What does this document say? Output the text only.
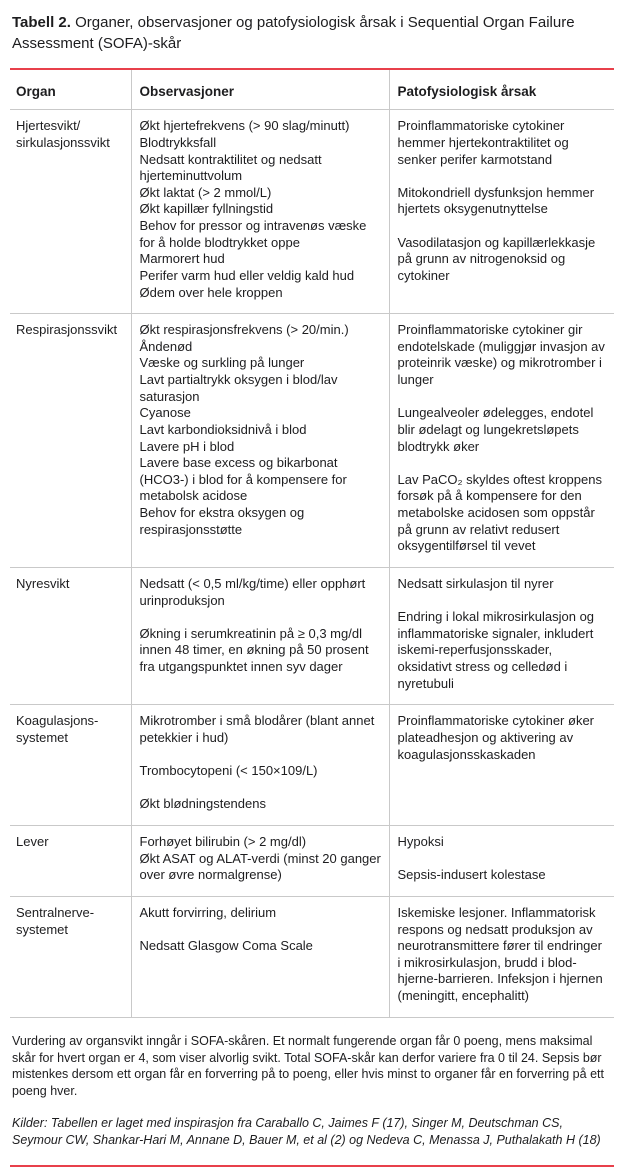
Tabell 2. Organer, observasjoner og patofysiologisk årsak i Sequential Organ Failure Assessment (SOFA)-skår

Organ	Observasjoner	Patofysiologisk årsak
Hjertesvikt/
sirkulasjonssvikt	Økt hjertefrekvens (> 90 slag/minutt)
Blodtrykksfall
Nedsatt kontraktilitet og nedsatt hjerteminuttvolum
Økt laktat (> 2 mmol/L)
Økt kapillær fyllningstid
Behov for pressor og intravenøs væske for å holde blodtrykket oppe
Marmorert hud
Perifer varm hud eller veldig kald hud
Ødem over hele kroppen	Proinflammatoriske cytokiner hemmer hjertekontraktilitet og senker perifer karmotstand

Mitokondriell dysfunksjon hemmer hjertets oksygenutnyttelse

Vasodilatasjon og kapillærlekkasje på grunn av nitrogenoksid og cytokiner
Respirasjonssvikt	Økt respirasjonsfrekvens (> 20/min.)
Åndenød
Væske og surkling på lunger
Lavt partialtrykk oksygen i blod/lav saturasjon
Cyanose
Lavt karbondioksidnivå i blod
Lavere pH i blod
Lavere base excess og bikarbonat (HCO3-) i blod for å kompensere for metabolsk acidose
Behov for ekstra oksygen og respirasjonsstøtte	Proinflammatoriske cytokiner gir endotelskade (muliggjør invasjon av proteinrik væske) og mikrotromber i lunger

Lungealveoler ødelegges, endotel blir ødelagt og lungekretsløpets blodtrykk øker

Lav PaCO₂ skyldes oftest kroppens forsøk på å kompensere for den metabolske acidosen som oppstår på grunn av relativt redusert oksygentilførsel til vevet
Nyresvikt	Nedsatt (< 0,5 ml/kg/time) eller opphørt urinproduksjon

Økning i serumkreatinin på ≥ 0,3 mg/dl innen 48 timer, en økning på 50 prosent fra utgangspunktet innen syv dager	Nedsatt sirkulasjon til nyrer

Endring i lokal mikrosirkulasjon og inflammatoriske signaler, inkludert iskemi-reperfusjonsskader, oksidativt stress og celledød i nyretubuli
Koagulasjons-
systemet	Mikrotromber i små blodårer (blant annet petekkier i hud)

Trombocytopeni (< 150×109/L)

Økt blødningstendens	Proinflammatoriske cytokiner øker plateadhesjon og aktivering av koagulasjonsskaskaden
Lever	Forhøyet bilirubin (> 2 mg/dl)
Økt ASAT og ALAT-verdi (minst 20 ganger over øvre normalgrense)	Hypoksi

Sepsis-indusert kolestase
Sentralnerve-
systemet	Akutt forvirring, delirium

Nedsatt Glasgow Coma Scale	Iskemiske lesjoner. Inflammatorisk respons og nedsatt produksjon av neurotransmittere fører til endringer i mikrosirkulasjon, brudd i blod-hjerne-barrieren. Infeksjon i hjernen (meningitt, encephalitt)

Vurdering av organsvikt inngår i SOFA-skåren. Et normalt fungerende organ får 0 poeng, mens maksimal skår for hvert organ er 4, som viser alvorlig svikt. Total SOFA-skår kan derfor variere fra 0 til 24. Sepsis bør mistenkes dersom ett organ får en forverring på to poeng, eller hvis minst to organer får en forverring på ett poeng hver.

Kilder: Tabellen er laget med inspirasjon fra Caraballo C, Jaimes F (17), Singer M, Deutschman CS, Seymour CW, Shankar-Hari M, Annane D, Bauer M, et al (2) og Nedeva C, Menassa J, Puthalakath H (18)
